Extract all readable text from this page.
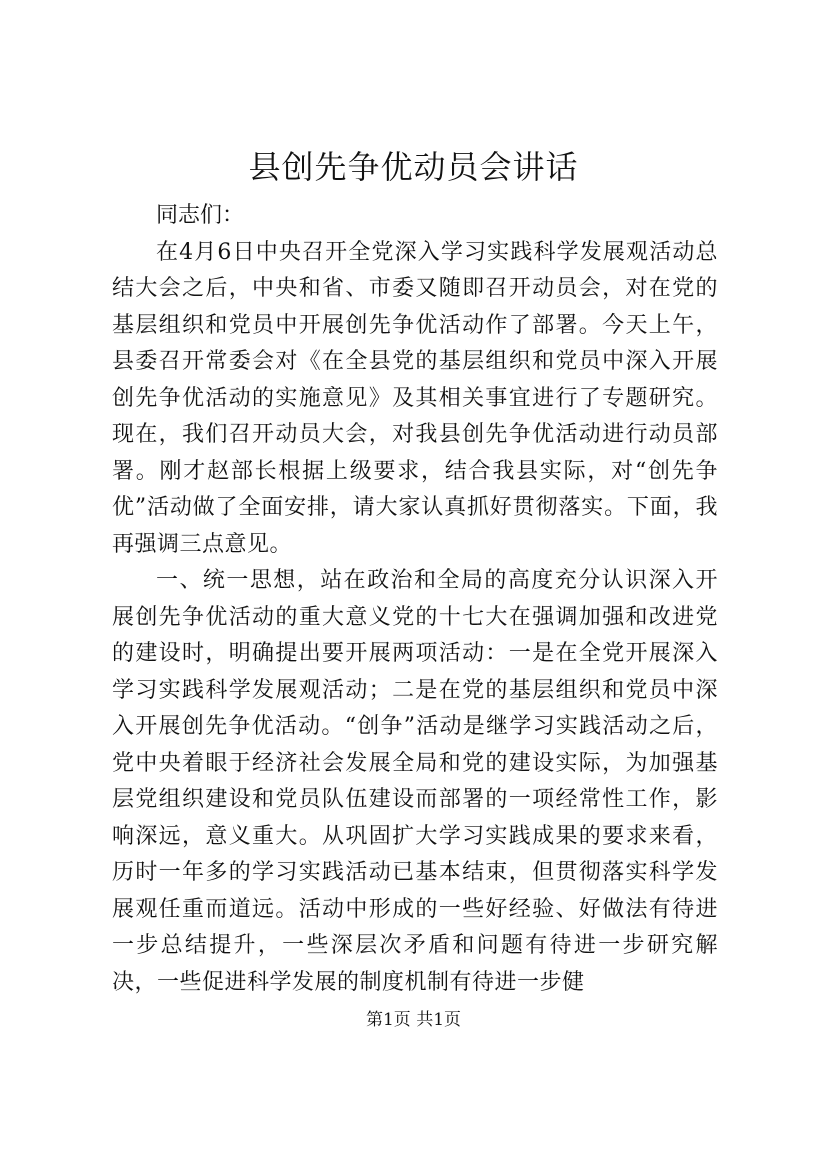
县创先争优动员会讲话

同志们：

在4月6日中央召开全党深入学习实践科学发展观活动总结大会之后，中央和省、市委又随即召开动员会，对在党的基层组织和党员中开展创先争优活动作了部署。今天上午，县委召开常委会对《在全县党的基层组织和党员中深入开展创先争优活动的实施意见》及其相关事宜进行了专题研究。现在，我们召开动员大会，对我县创先争优活动进行动员部署。刚才赵部长根据上级要求，结合我县实际，对“创先争优”活动做了全面安排，请大家认真抓好贯彻落实。下面，我再强调三点意见。

一、统一思想，站在政治和全局的高度充分认识深入开展创先争优活动的重大意义党的十七大在强调加强和改进党的建设时，明确提出要开展两项活动：一是在全党开展深入学习实践科学发展观活动；二是在党的基层组织和党员中深入开展创先争优活动。“创争”活动是继学习实践活动之后，党中央着眼于经济社会发展全局和党的建设实际，为加强基层党组织建设和党员队伍建设而部署的一项经常性工作，影响深远，意义重大。从巩固扩大学习实践成果的要求来看，历时一年多的学习实践活动已基本结束，但贯彻落实科学发展观任重而道远。活动中形成的一些好经验、好做法有待进一步总结提升，一些深层次矛盾和问题有待进一步研究解决，一些促进科学发展的制度机制有待进一步健

第1页 共1页
